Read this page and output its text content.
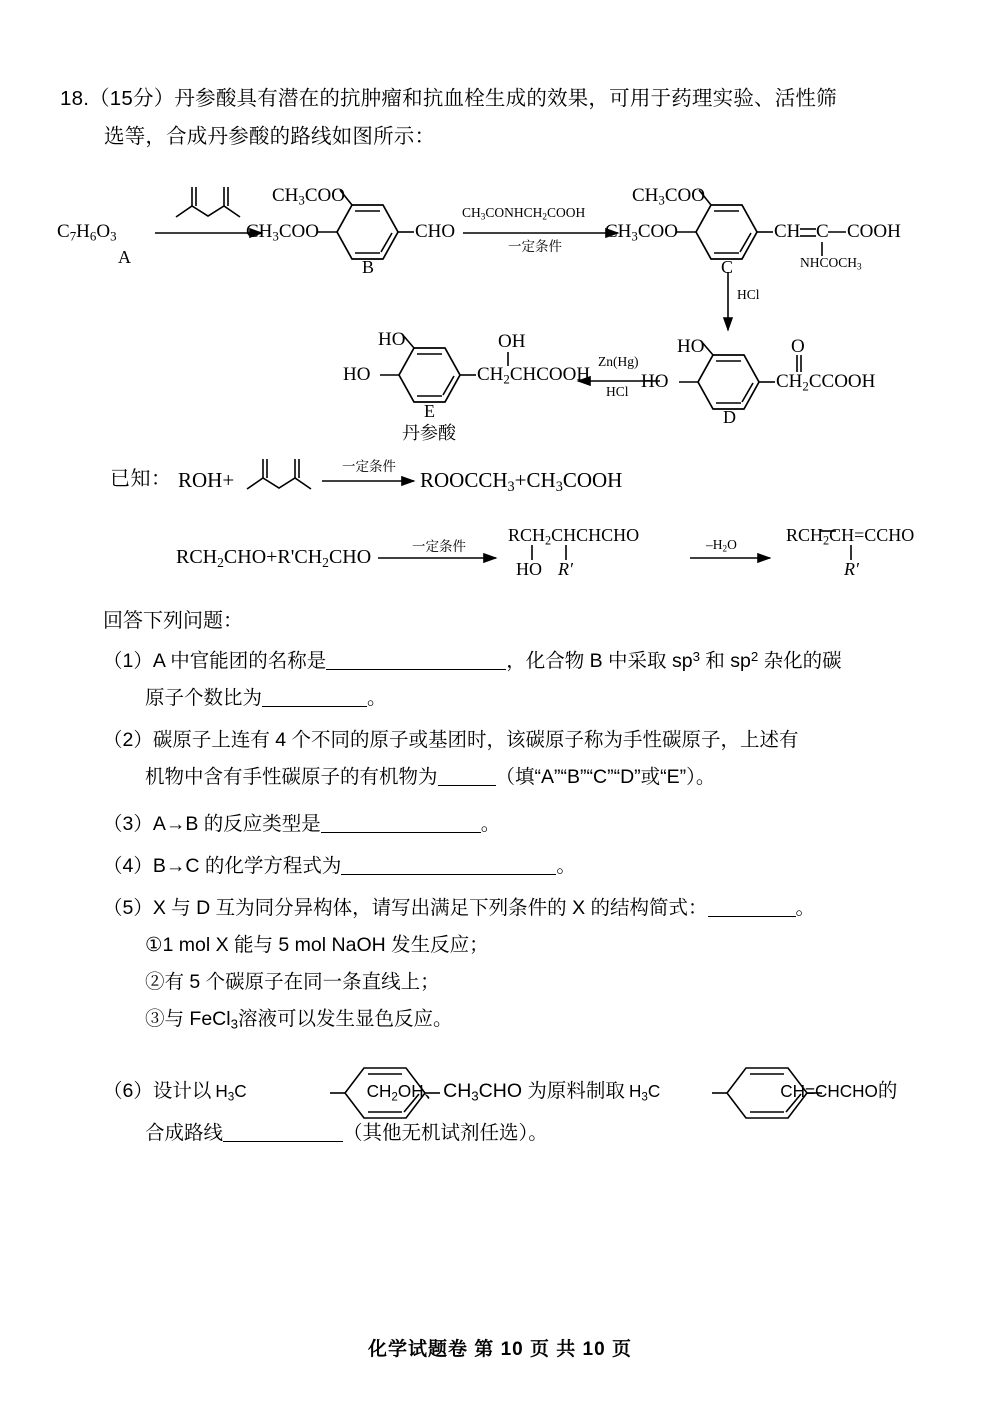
18.（15分）丹参酸具有潜在的抗肿瘤和抗血栓生成的效果，可用于药理实验、活性筛
选等，合成丹参酸的路线如图所示：
$C_7H_6O_3$
A
$CH_3COO$
$CH_3COO$	CHO
B
$CH_3CONHCH_2COOH$
一定条件
$CH_3COO$
$CH_3COO$	CH C COOH
$NHCOCH_3$
C
HCl
HO
HO	$CH_2CCOOH$
O
D
Zn(Hg)
HCl
HO
HO	$CH_2CHCOOH$
OH
E
丹参酸
已知： ROH+
一定条件
$ROOCCH_3+CH_3COOH$
$RCH_2CHO+R'CH_2CHO$	一定条件
$RCH_2CHCHCHO$
HO R′
$-H_2O$	$RCH_2CH=CCHO$
R′
回答下列问题：
（1）A 中官能团的名称是	，化合物 B 中采取 $sp^3$ 和 $sp^2$ 杂化的碳
原子个数比为	。
（2）碳原子上连有 4 个不同的原子或基团时，该碳原子称为手性碳原子，上述有
机物中含有手性碳原子的有机物为	（填“A”“B”“C”“D”或“E”）。
（3）A→B 的反应类型是	。
（4）B→C 的化学方程式为	。
（5）X 与 D 互为同分异构体，请写出满足下列条件的 X 的结构简式：	。
①1 mol X 能与 5 mol NaOH 发生反应；
②有 5 个碳原子在同一条直线上；
③与 FeCl$_3$溶液可以发生显色反应。
（6）设计以 $H_3C$	$CH_2OH$、$CH_3CHO$ 为原料制取 $H_3C$	CH=CHCHO的
合成路线	（其他无机试剂任选）。
化学试题卷 第 10 页 共 10 页
